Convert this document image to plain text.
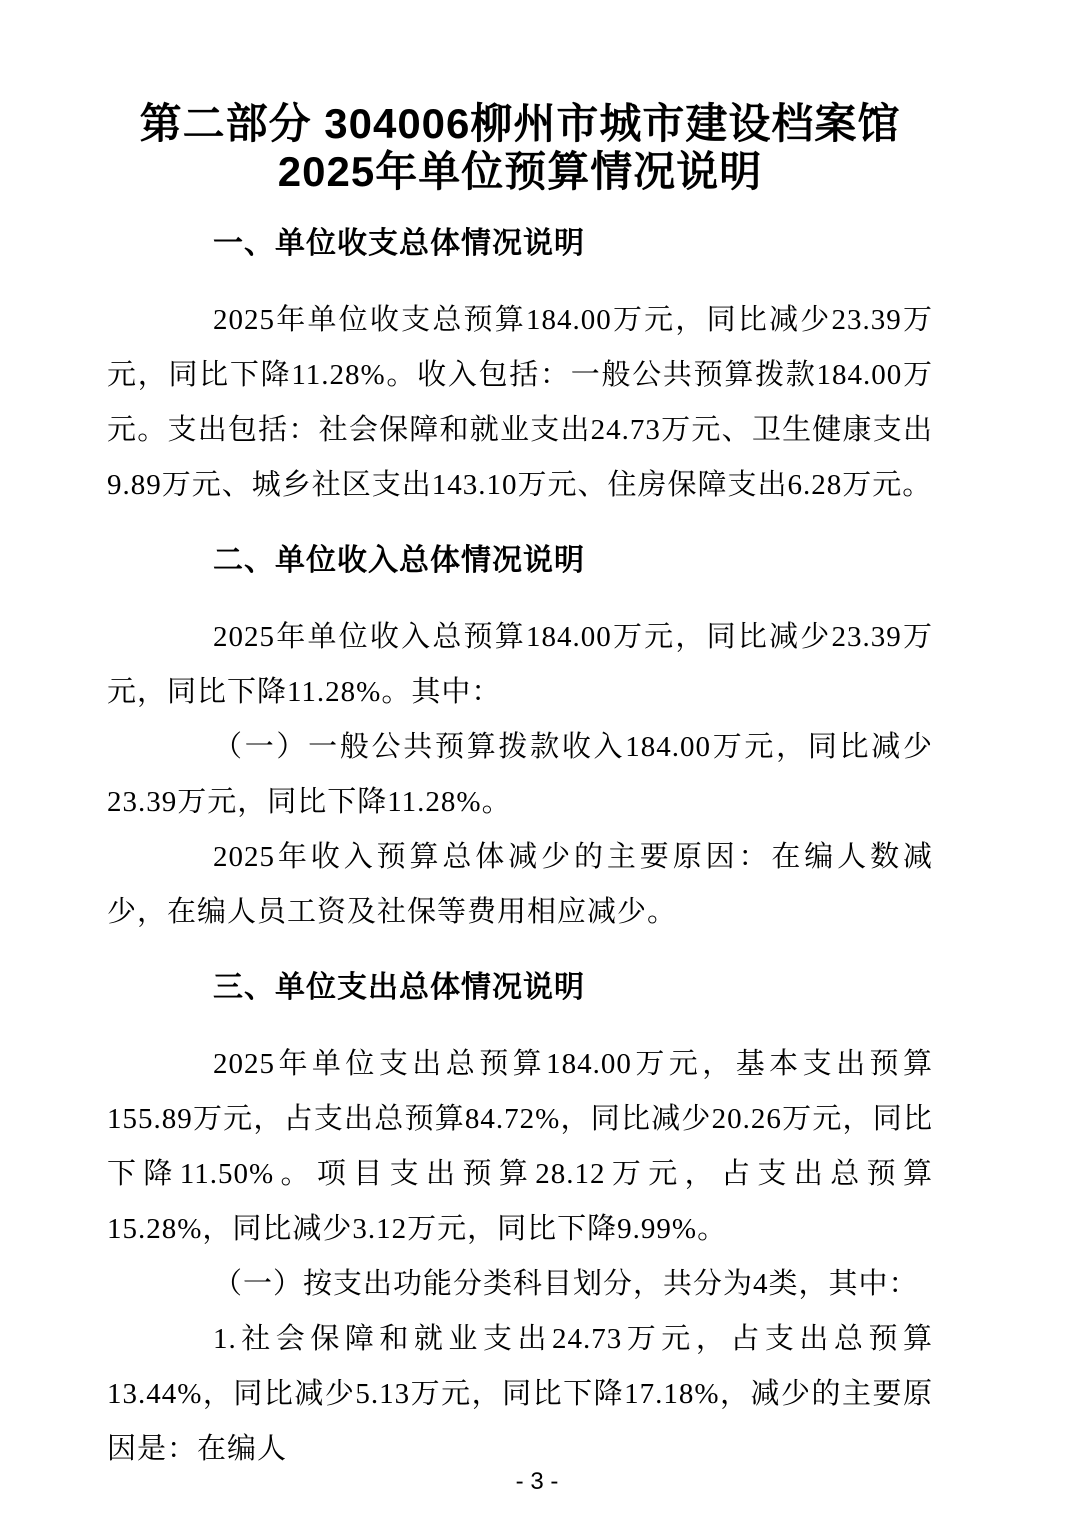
第二部分 304006柳州市城市建设档案馆
2025年单位预算情况说明
一、单位收支总体情况说明

2025年单位收支总预算184.00万元，同比减少23.39万元，同比下降11.28%。收入包括：一般公共预算拨款184.00万元。支出包括：社会保障和就业支出24.73万元、卫生健康支出9.89万元、城乡社区支出143.10万元、住房保障支出6.28万元。

二、单位收入总体情况说明

2025年单位收入总预算184.00万元，同比减少23.39万元，同比下降11.28%。其中：

（一）一般公共预算拨款收入184.00万元，同比减少23.39万元，同比下降11.28%。

2025年收入预算总体减少的主要原因：在编人数减少，在编人员工资及社保等费用相应减少。

三、单位支出总体情况说明

2025年单位支出总预算184.00万元，基本支出预算155.89万元，占支出总预算84.72%，同比减少20.26万元，同比下降11.50%。项目支出预算28.12万元，占支出总预算15.28%，同比减少3.12万元，同比下降9.99%。

（一）按支出功能分类科目划分，共分为4类，其中：

1.社会保障和就业支出24.73万元，占支出总预算13.44%，同比减少5.13万元，同比下降17.18%，减少的主要原因是：在编人

- 3 -
